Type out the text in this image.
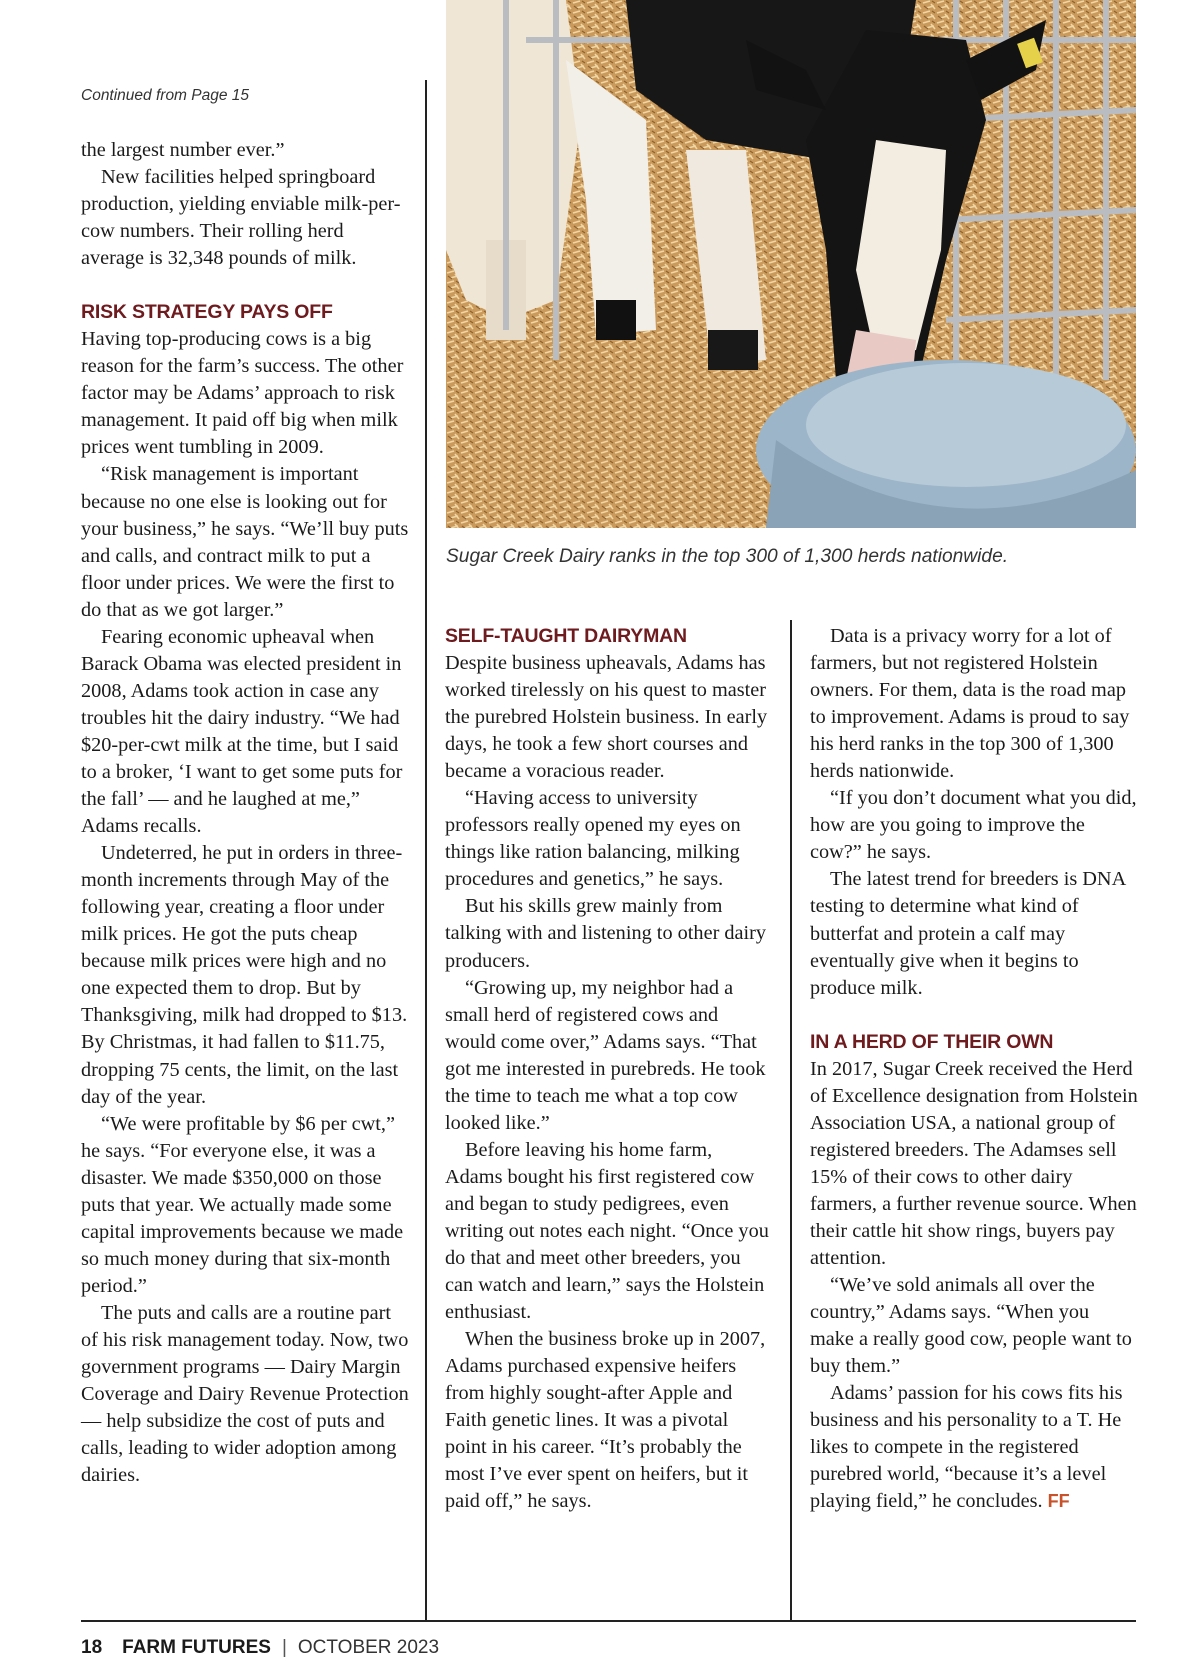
Continued from Page 15
Sugar Creek Dairy ranks in the top 300 of 1,300 herds nationwide.

the largest number ever.”

New facilities helped springboard production, yielding enviable milk-per-cow numbers. Their rolling herd average is 32,348 pounds of milk.

RISK STRATEGY PAYS OFF

Having top-producing cows is a big reason for the farm’s success. The other factor may be Adams’ approach to risk management. It paid off big when milk prices went tumbling in 2009.

“Risk management is important because no one else is looking out for your business,” he says. “We’ll buy puts and calls, and contract milk to put a floor under prices. We were the first to do that as we got larger.”

Fearing economic upheaval when Barack Obama was elected president in 2008, Adams took action in case any troubles hit the dairy industry. “We had $20-per-cwt milk at the time, but I said to a broker, ‘I want to get some puts for the fall’ — and he laughed at me,” Adams recalls.

Undeterred, he put in orders in three-month increments through May of the following year, creating a floor under milk prices. He got the puts cheap because milk prices were high and no one expected them to drop. But by Thanksgiving, milk had dropped to $13. By Christmas, it had fallen to $11.75, dropping 75 cents, the limit, on the last day of the year.

“We were profitable by $6 per cwt,” he says. “For everyone else, it was a disaster. We made $350,000 on those puts that year. We actually made some capital improvements because we made so much money during that six-month period.”

The puts and calls are a routine part of his risk management today. Now, two government programs — Dairy Margin Coverage and Dairy Revenue Protection — help subsidize the cost of puts and calls, leading to wider adoption among dairies.

SELF-TAUGHT DAIRYMAN

Despite business upheavals, Adams has worked tirelessly on his quest to master the purebred Holstein business. In early days, he took a few short courses and became a voracious reader.

“Having access to university professors really opened my eyes on things like ration balancing, milking procedures and genetics,” he says.

But his skills grew mainly from talking with and listening to other dairy producers.

“Growing up, my neighbor had a small herd of registered cows and would come over,” Adams says. “That got me interested in purebreds. He took the time to teach me what a top cow looked like.”

Before leaving his home farm, Adams bought his first registered cow and began to study pedigrees, even writing out notes each night. “Once you do that and meet other breeders, you can watch and learn,” says the Holstein enthusiast.

When the business broke up in 2007, Adams purchased expensive heifers from highly sought-after Apple and Faith genetic lines. It was a pivotal point in his career. “It’s probably the most I’ve ever spent on heifers, but it paid off,” he says.

Data is a privacy worry for a lot of farmers, but not registered Holstein owners. For them, data is the road map to improvement. Adams is proud to say his herd ranks in the top 300 of 1,300 herds nationwide.

“If you don’t document what you did, how are you going to improve the cow?” he says.

The latest trend for breeders is DNA testing to determine what kind of butterfat and protein a calf may eventually give when it begins to produce milk.

IN A HERD OF THEIR OWN

In 2017, Sugar Creek received the Herd of Excellence designation from Holstein Association USA, a national group of registered breeders. The Adamses sell 15% of their cows to other dairy farmers, a further revenue source. When their cattle hit show rings, buyers pay attention.

“We’ve sold animals all over the country,” Adams says. “When you make a really good cow, people want to buy them.”

Adams’ passion for his cows fits his business and his personality to a T. He likes to compete in the registered purebred world, “because it’s a level playing field,” he concludes. FF

18 FARM FUTURES | OCTOBER 2023
